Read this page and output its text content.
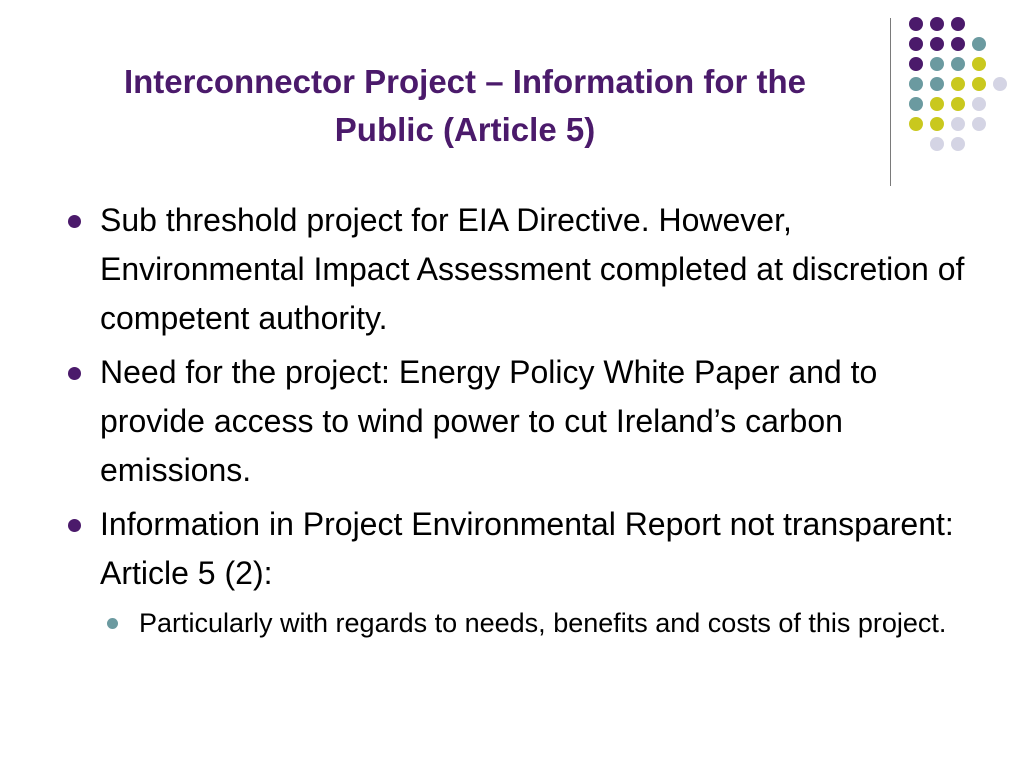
Interconnector Project – Information for the
Public (Article 5)
Sub threshold project for EIA Directive. However, Environmental Impact Assessment completed at discretion of competent authority.
Need for the project: Energy Policy White Paper and to provide access to wind power to cut Ireland’s carbon emissions.
Information in Project Environmental Report not transparent: Article 5 (2):
Particularly with regards to needs, benefits and costs of this project.
